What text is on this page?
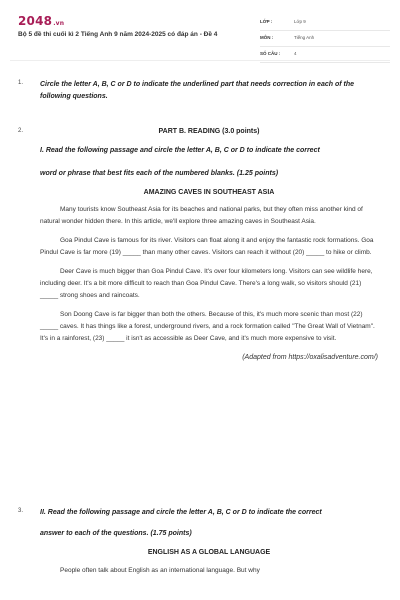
2048.vn
Bộ 5 đề thi cuối kì 2 Tiếng Anh 9 năm 2024-2025 có đáp án - Đề 4
LỚP :	Lớp 9
MÔN :	Tiếng Anh
SỐ CÂU :	4
1. Circle the letter A, B, C or D to indicate the underlined part that needs correction in each of the following questions.
2.	PART B. READING (3.0 points)
I. Read the following passage and circle the letter A, B, C or D to indicate the correct
word or phrase that best fits each of the numbered blanks. (1.25 points)
AMAZING CAVES IN SOUTHEAST ASIA

Many tourists know Southeast Asia for its beaches and national parks, but they often miss another kind of natural wonder hidden there. In this article, we'll explore three amazing caves in Southeast Asia.

Goa Pindul Cave is famous for its river. Visitors can float along it and enjoy the fantastic rock formations. Goa Pindul Cave is far more (19) _____ than many other caves. Visitors can reach it without (20) _____ to hike or climb.

Deer Cave is much bigger than Goa Pindul Cave. It's over four kilometers long. Visitors can see wildlife here, including deer. It's a bit more difficult to reach than Goa Pindul Cave. There's a long walk, so visitors should (21) _____ strong shoes and raincoats.

Son Doong Cave is far bigger than both the others. Because of this, it's much more scenic than most (22) _____ caves. It has things like a forest, underground rivers, and a rock formation called "The Great Wall of Vietnam". It's in a rainforest, (23) _____ it isn't as accessible as Deer Cave, and it's much more expensive to visit.

(Adapted from https://oxalisadventure.com/)
3. II. Read the following passage and circle the letter A, B, C or D to indicate the correct
answer to each of the questions. (1.75 points)
ENGLISH AS A GLOBAL LANGUAGE

People often talk about English as an international language. But why
